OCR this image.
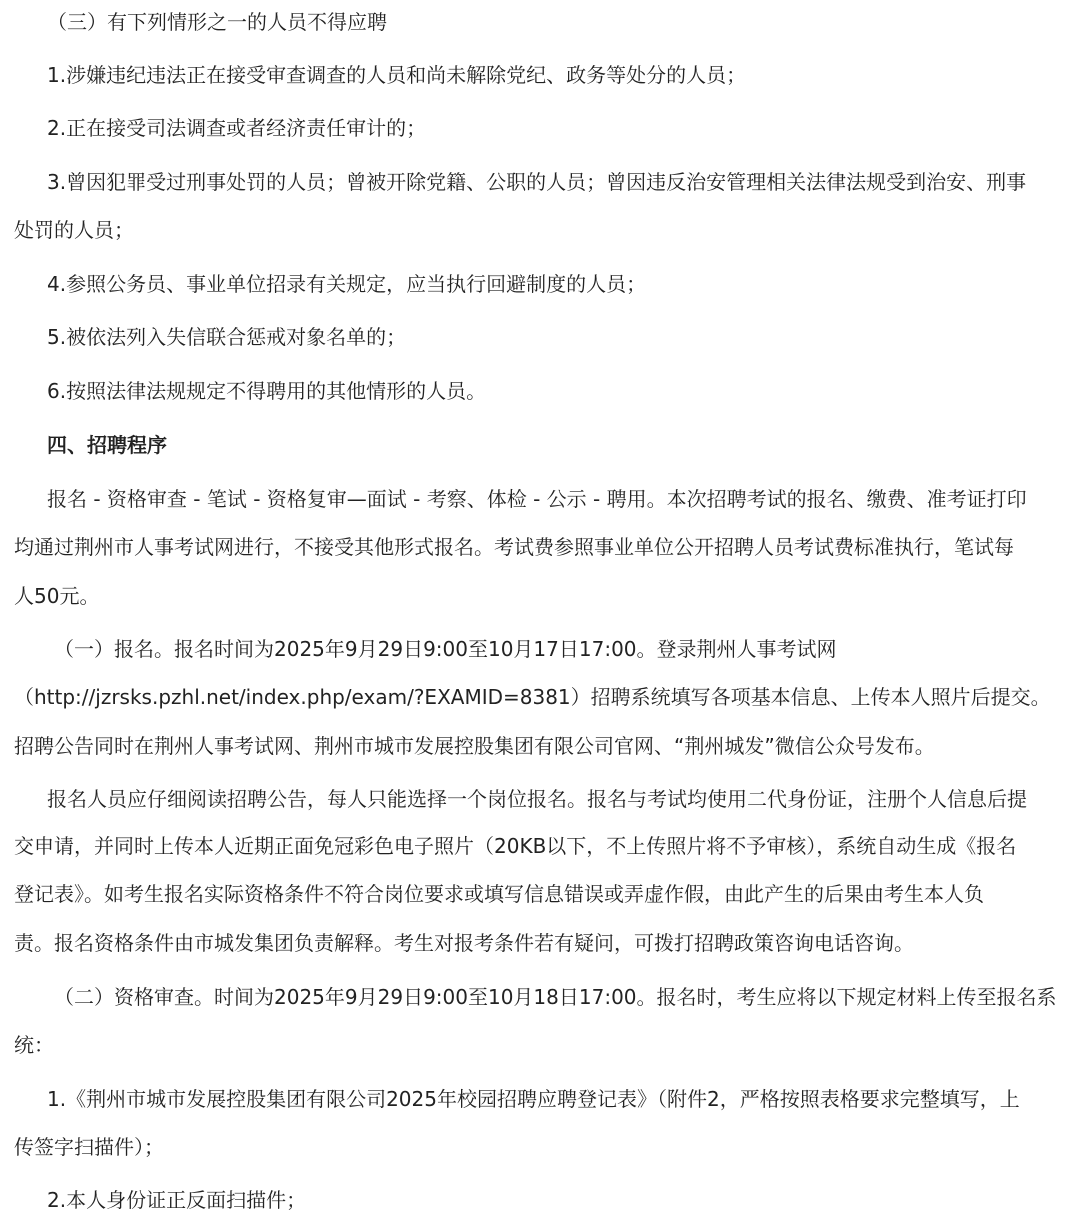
（三）有下列情形之一的人员不得应聘
1.涉嫌违纪违法正在接受审查调查的人员和尚未解除党纪、政务等处分的人员；
2.正在接受司法调查或者经济责任审计的；
3.曾因犯罪受过刑事处罚的人员；曾被开除党籍、公职的人员；曾因违反治安管理相关法律法规受到治安、刑事
处罚的人员；
4.参照公务员、事业单位招录有关规定，应当执行回避制度的人员；
5.被依法列入失信联合惩戒对象名单的；
6.按照法律法规规定不得聘用的其他情形的人员。
四、招聘程序
报名 - 资格审查 - 笔试 - 资格复审—面试 - 考察、体检 - 公示 - 聘用。本次招聘考试的报名、缴费、准考证打印
均通过荆州市人事考试网进行，不接受其他形式报名。考试费参照事业单位公开招聘人员考试费标准执行，笔试每
人50元。
（一）报名。报名时间为2025年9月29日9:00至10月17日17:00。登录荆州人事考试网
（http://jzrsks.pzhl.net/index.php/exam/?EXAMID=8381）招聘系统填写各项基本信息、上传本人照片后提交。
招聘公告同时在荆州人事考试网、荆州市城市发展控股集团有限公司官网、“荆州城发”微信公众号发布。
报名人员应仔细阅读招聘公告，每人只能选择一个岗位报名。报名与考试均使用二代身份证，注册个人信息后提
交申请，并同时上传本人近期正面免冠彩色电子照片（20KB以下，不上传照片将不予审核），系统自动生成《报名
登记表》。如考生报名实际资格条件不符合岗位要求或填写信息错误或弄虚作假，由此产生的后果由考生本人负
责。报名资格条件由市城发集团负责解释。考生对报考条件若有疑问，可拨打招聘政策咨询电话咨询。
（二）资格审查。时间为2025年9月29日9:00至10月18日17:00。报名时，考生应将以下规定材料上传至报名系
统：
1.《荆州市城市发展控股集团有限公司2025年校园招聘应聘登记表》（附件2，严格按照表格要求完整填写，上
传签字扫描件）；
2.本人身份证正反面扫描件；
